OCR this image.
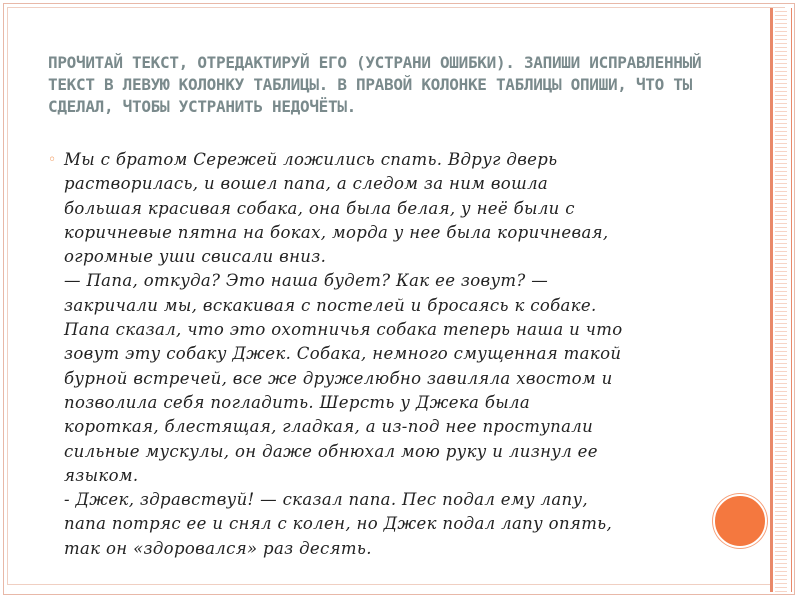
ПРОЧИТАЙ ТЕКСТ, ОТРЕДАКТИРУЙ ЕГО (УСТРАНИ ОШИБКИ). ЗАПИШИ ИСПРАВЛЕННЫЙ ТЕКСТ В ЛЕВУЮ КОЛОНКУ ТАБЛИЦЫ. В ПРАВОЙ КОЛОНКЕ ТАБЛИЦЫ ОПИШИ, ЧТО ТЫ СДЕЛАЛ, ЧТОБЫ УСТРАНИТЬ НЕДОЧЁТЫ.
◦ Мы с братом Сережей ложились спать. Вдруг дверь
растворилась, и вошел папа, а следом за ним вошла
большая красивая собака, она была белая, у неё были с
коричневые пятна на боках, морда у нее была коричневая,
огромные уши свисали вниз.
— Папа, откуда? Это наша будет? Как ее зовут? —
закричали мы, вскакивая с постелей и бросаясь к собаке.
Папа сказал, что это охотничья собака теперь наша и что
зовут эту собаку Джек. Собака, немного смущенная такой
бурной встречей, все же дружелюбно завиляла хвостом и
позволила себя погладить. Шерсть у Джека была
короткая, блестящая, гладкая, а из-под нее проступали
сильные мускулы, он даже обнюхал мою руку и лизнул ее
языком.
- Джек, здравствуй! — сказал папа. Пес подал ему лапу,
папа потряс ее и снял с колен, но Джек подал лапу опять,
так он «здоровался» раз десять.
